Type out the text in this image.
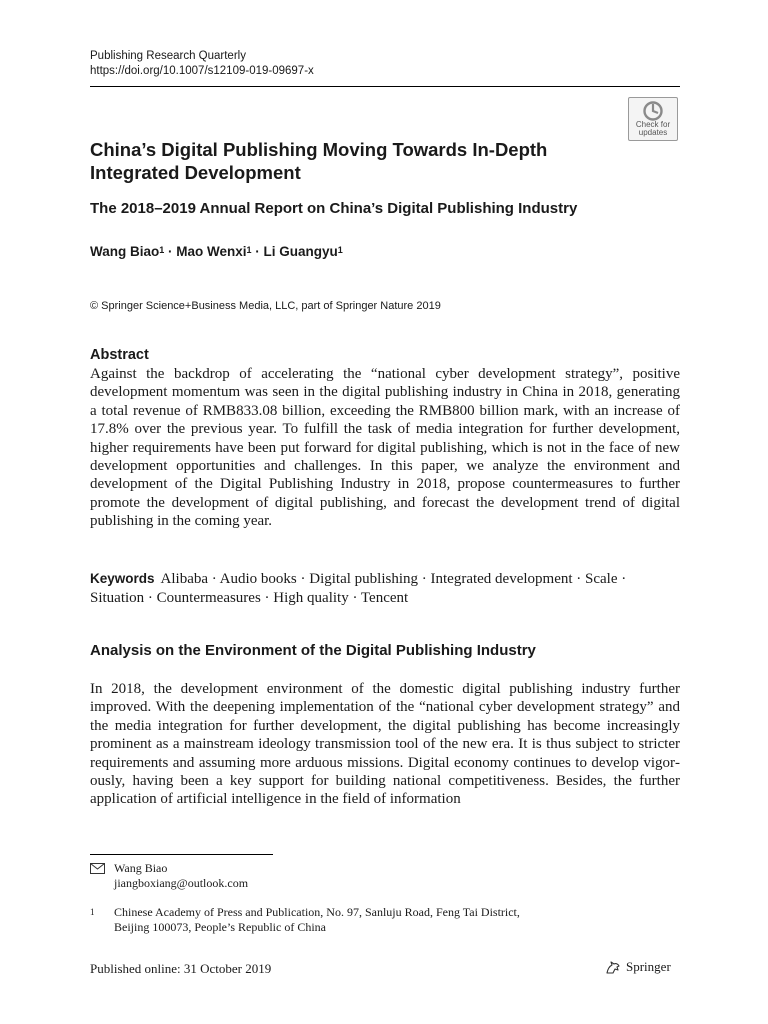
Publishing Research Quarterly
https://doi.org/10.1007/s12109-019-09697-x
Check for
updates
China’s Digital Publishing Moving Towards In-Depth Integrated Development
The 2018–2019 Annual Report on China’s Digital Publishing Industry
Wang Biao$^1$ · Mao Wenxi$^1$ · Li Guangyu$^1$
© Springer Science+Business Media, LLC, part of Springer Nature 2019
Abstract
Against the backdrop of accelerating the “national cyber development strategy”, positive development momentum was seen in the digital publishing industry in China in 2018, generating a total revenue of RMB833.08 billion, exceeding the RMB800 billion mark, with an increase of 17.8% over the previous year. To fulfill the task of media integration for further development, higher requirements have been put forward for digital publishing, which is not in the face of new development opportunities and challenges. In this paper, we analyze the environment and development of the Digital Publishing Industry in 2018, propose countermeasures to further promote the development of digital publishing, and forecast the development trend of digital publishing in the coming year.
Keywords Alibaba · Audio books · Digital publishing · Integrated development · Scale · Situation · Countermeasures · High quality · Tencent
Analysis on the Environment of the Digital Publishing Industry
In 2018, the development environment of the domestic digital publishing industry further improved. With the deepening implementation of the “national cyber development strategy” and the media integration for further development, the digital publishing has become increasingly prominent as a mainstream ideology transmission tool of the new era. It is thus subject to stricter requirements and assuming more arduous missions. Digital economy continues to develop vigorously, having been a key support for building national competitiveness. Besides, the further application of artificial intelligence in the field of information
Wang Biao
jiangboxiang@outlook.com
1 Chinese Academy of Press and Publication, No. 97, Sanluju Road, Feng Tai District,
Beijing 100073, People’s Republic of China
Published online: 31 October 2019	Springer
